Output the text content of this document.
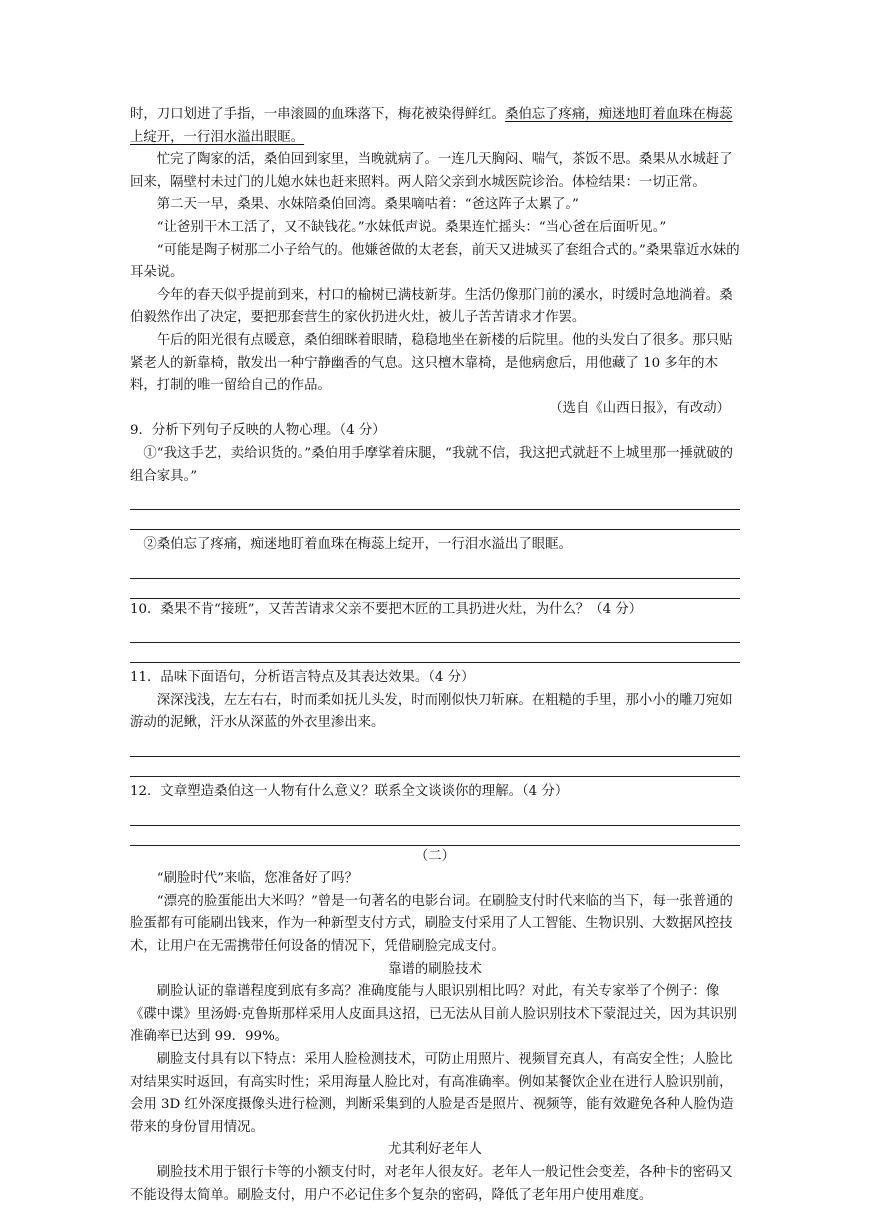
时，刀口划进了手指，一串滚圆的血珠落下，梅花被染得鲜红。桑伯忘了疼痛，痴迷地盯着血珠在梅蕊上绽开，一行泪水溢出眼眶。

忙完了陶家的活，桑伯回到家里，当晚就病了。一连几天胸闷、喘气，茶饭不思。桑果从水城赶了回来，隔壁村未过门的儿媳水妹也赶来照料。两人陪父亲到水城医院诊治。体检结果：一切正常。

第二天一早，桑果、水妹陪桑伯回湾。桑果嘀咕着：“爸这阵子太累了。”

“让爸别干木工活了，又不缺钱花。”水妹低声说。桑果连忙摇头：“当心爸在后面听见。”

“可能是陶子树那二小子给气的。他嫌爸做的太老套，前天又进城买了套组合式的。”桑果靠近水妹的耳朵说。

今年的春天似乎提前到来，村口的榆树已满枝新芽。生活仍像那门前的溪水，时缓时急地淌着。桑伯毅然作出了决定，要把那套营生的家伙扔进火灶，被儿子苦苦请求才作罢。

午后的阳光很有点暖意，桑伯细眯着眼睛，稳稳地坐在新楼的后院里。他的头发白了很多。那只贴紧老人的新靠椅，散发出一种宁静幽香的气息。这只檀木靠椅，是他病愈后，用他藏了 10 多年的木料，打制的唯一留给自己的作品。

（选自《山西日报》，有改动）

9．分析下列句子反映的人物心理。（4 分）

①“我这手艺，卖给识货的。”桑伯用手摩挲着床腿，“我就不信，我这把式就赶不上城里那一捶就破的组合家具。”

②桑伯忘了疼痛，痴迷地盯着血珠在梅蕊上绽开，一行泪水溢出了眼眶。

10．桑果不肯“接班”，又苦苦请求父亲不要把木匠的工具扔进火灶，为什么？（4 分）

11．品味下面语句，分析语言特点及其表达效果。（4 分）

深深浅浅，左左右右，时而柔如抚儿头发，时而刚似快刀斩麻。在粗糙的手里，那小小的雕刀宛如游动的泥鳅，汗水从深蓝的外衣里渗出来。

12．文章塑造桑伯这一人物有什么意义？联系全文谈谈你的理解。（4 分）

（二）

“刷脸时代”来临，您准备好了吗？

“漂亮的脸蛋能出大米吗？”曾是一句著名的电影台词。在刷脸支付时代来临的当下，每一张普通的脸蛋都有可能刷出钱来，作为一种新型支付方式，刷脸支付采用了人工智能、生物识别、大数据风控技术，让用户在无需携带任何设备的情况下，凭借刷脸完成支付。

靠谱的刷脸技术

刷脸认证的靠谱程度到底有多高？准确度能与人眼识别相比吗？对此，有关专家举了个例子：像《碟中谍》里汤姆·克鲁斯那样采用人皮面具这招，已无法从目前人脸识别技术下蒙混过关，因为其识别准确率已达到 99．99%。

刷脸支付具有以下特点：采用人脸检测技术，可防止用照片、视频冒充真人，有高安全性；人脸比对结果实时返回，有高实时性；采用海量人脸比对，有高准确率。例如某餐饮企业在进行人脸识别前，会用 3D 红外深度摄像头进行检测，判断采集到的人脸是否是照片、视频等，能有效避免各种人脸伪造带来的身份冒用情况。

尤其利好老年人

刷脸技术用于银行卡等的小额支付时，对老年人很友好。老年人一般记性会变差，各种卡的密码又不能设得太简单。刷脸支付，用户不必记住多个复杂的密码，降低了老年用户使用难度。
